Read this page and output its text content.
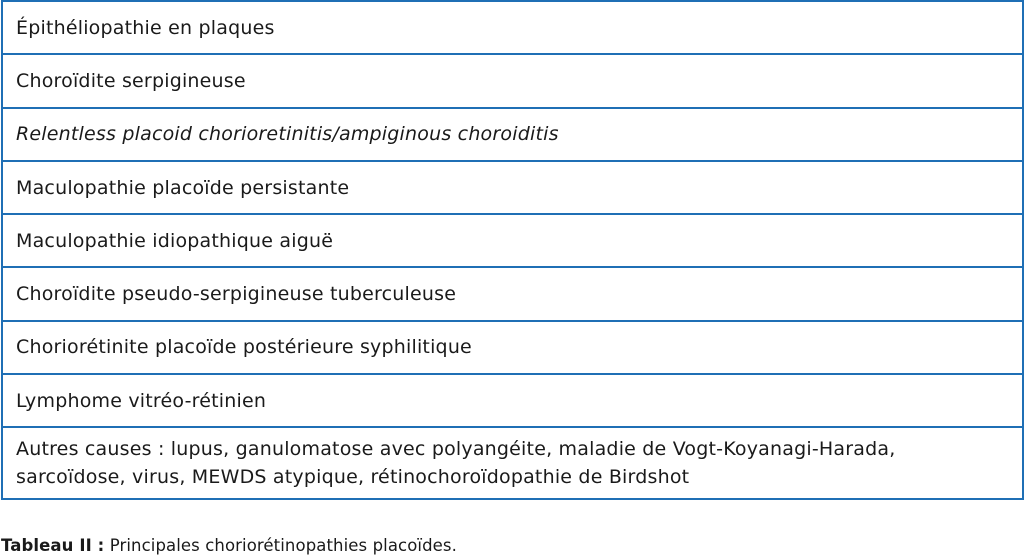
Épithéliopathie en plaques
Choroïdite serpigineuse
Relentless placoid chorioretinitis/ampiginous choroiditis
Maculopathie placoïde persistante
Maculopathie idiopathique aiguë
Choroïdite pseudo-serpigineuse tuberculeuse
Choriorétinite placoïde postérieure syphilitique
Lymphome vitréo-rétinien
Autres causes : lupus, ganulomatose avec polyangéite, maladie de Vogt-Koyanagi-Harada, sarcoïdose, virus, MEWDS atypique, rétinochoroïdopathie de Birdshot
Tableau II : Principales choriorétinopathies placoïdes.
